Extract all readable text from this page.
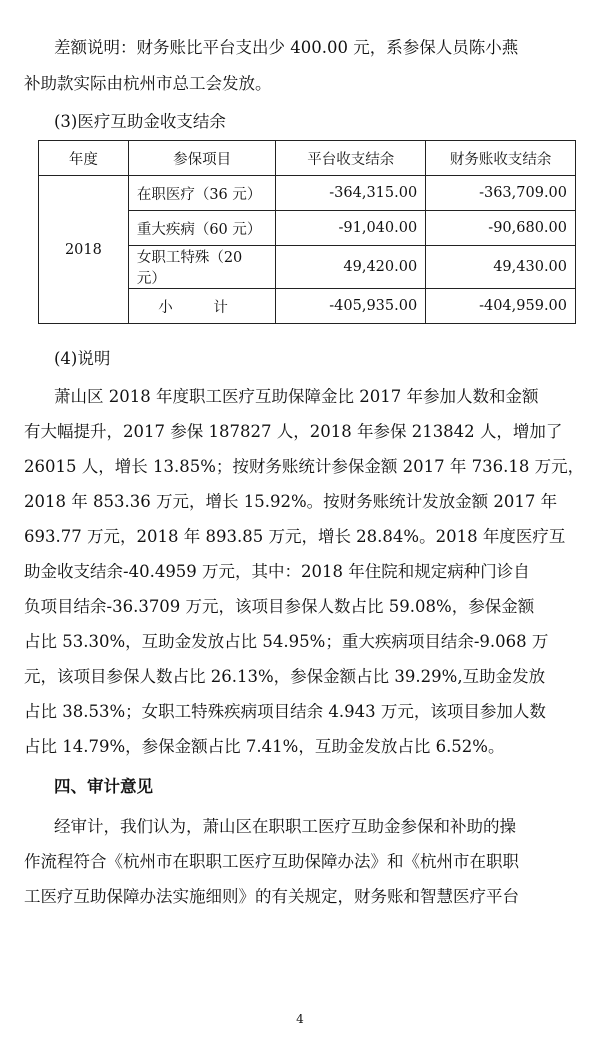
差额说明：财务账比平台支出少 400.00 元，系参保人员陈小燕

补助款实际由杭州市总工会发放。

(3)医疗互助金收支结余

年度	参保项目	平台收支结余	财务账收支结余
2018	在职医疗（36 元）	-364,315.00	-363,709.00
	重大疾病（60 元）	-91,040.00	-90,680.00
	女职工特殊（20 元）	49,420.00	49,430.00
	小 计	-405,935.00	-404,959.00

(4)说明

萧山区 2018 年度职工医疗互助保障金比 2017 年参加人数和金额

有大幅提升，2017 参保 187827 人，2018 年参保 213842 人，增加了

26015 人，增长 13.85%；按财务账统计参保金额 2017 年 736.18 万元，

2018 年 853.36 万元，增长 15.92%。按财务账统计发放金额 2017 年

693.77 万元，2018 年 893.85 万元，增长 28.84%。2018 年度医疗互

助金收支结余-40.4959 万元，其中：2018 年住院和规定病种门诊自

负项目结余-36.3709 万元，该项目参保人数占比 59.08%，参保金额

占比 53.30%，互助金发放占比 54.95%；重大疾病项目结余-9.068 万

元，该项目参保人数占比 26.13%，参保金额占比 39.29%,互助金发放

占比 38.53%；女职工特殊疾病项目结余 4.943 万元，该项目参加人数

占比 14.79%，参保金额占比 7.41%，互助金发放占比 6.52%。

四、审计意见

经审计，我们认为，萧山区在职职工医疗互助金参保和补助的操

作流程符合《杭州市在职职工医疗互助保障办法》和《杭州市在职职

工医疗互助保障办法实施细则》的有关规定，财务账和智慧医疗平台

4
